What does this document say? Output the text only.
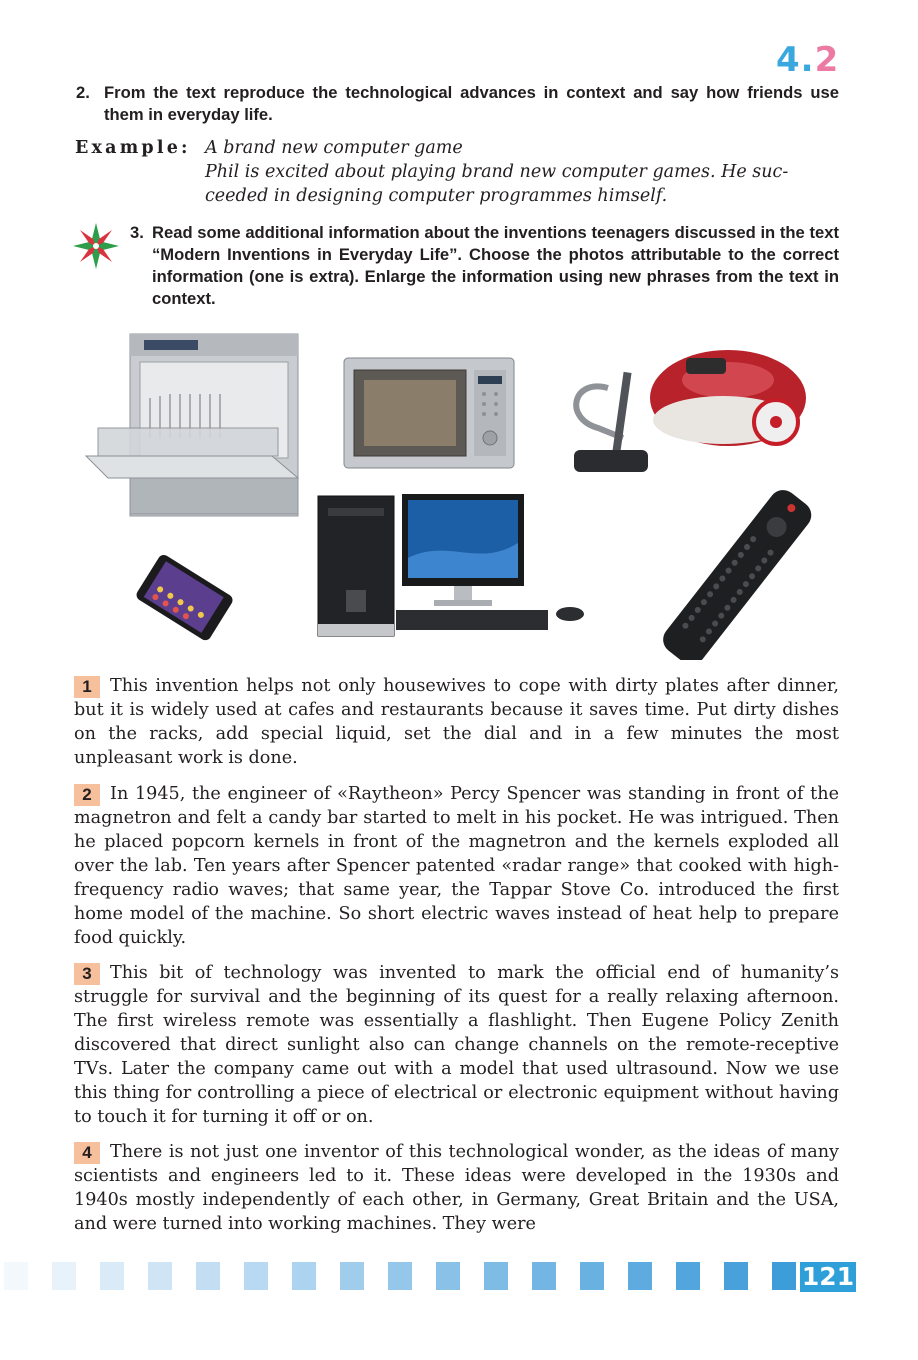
4.2
2. From the text reproduce the technological advances in context and say how friends use them in everyday life.
Example: A brand new computer game
Phil is excited about playing brand new computer games. He suc-
ceeded in designing computer programmes himself.
3. Read some additional information about the inventions teenagers discussed in the text “Modern Inventions in Everyday Life”. Choose the photos attributable to the correct information (one is extra). Enlarge the information using new phrases from the text in context.
1	This invention helps not only housewives to cope with dirty plates after dinner, but it is widely used at cafes and restaurants because it saves time. Put dirty dishes on the racks, add special liquid, set the dial and in a few minutes the most unpleasant work is done.
2	In 1945, the engineer of «Raytheon» Percy Spencer was standing in front of the magnetron and felt a candy bar started to melt in his pocket. He was intrigued. Then he placed popcorn kernels in front of the magnetron and the kernels exploded all over the lab. Ten years after Spencer patented «radar range» that cooked with high-frequency radio waves; that same year, the Tappar Stove Co. introduced the first home model of the machine. So short electric waves instead of heat help to prepare food quickly.
3	This bit of technology was invented to mark the official end of humanity’s struggle for survival and the beginning of its quest for a really relaxing afternoon. The first wireless remote was essentially a flashlight. Then Eugene Policy Zenith discovered that direct sunlight also can change channels on the remote-receptive TVs. Later the company came out with a model that used ultrasound. Now we use this thing for controlling a piece of electrical or electronic equipment without having to touch it for turning it off or on.
4	There is not just one inventor of this technological wonder, as the ideas of many scientists and engineers led to it. These ideas were developed in the 1930s and 1940s mostly independently of each other, in Germany, Great Britain and the USA, and were turned into working machines. They were
121
